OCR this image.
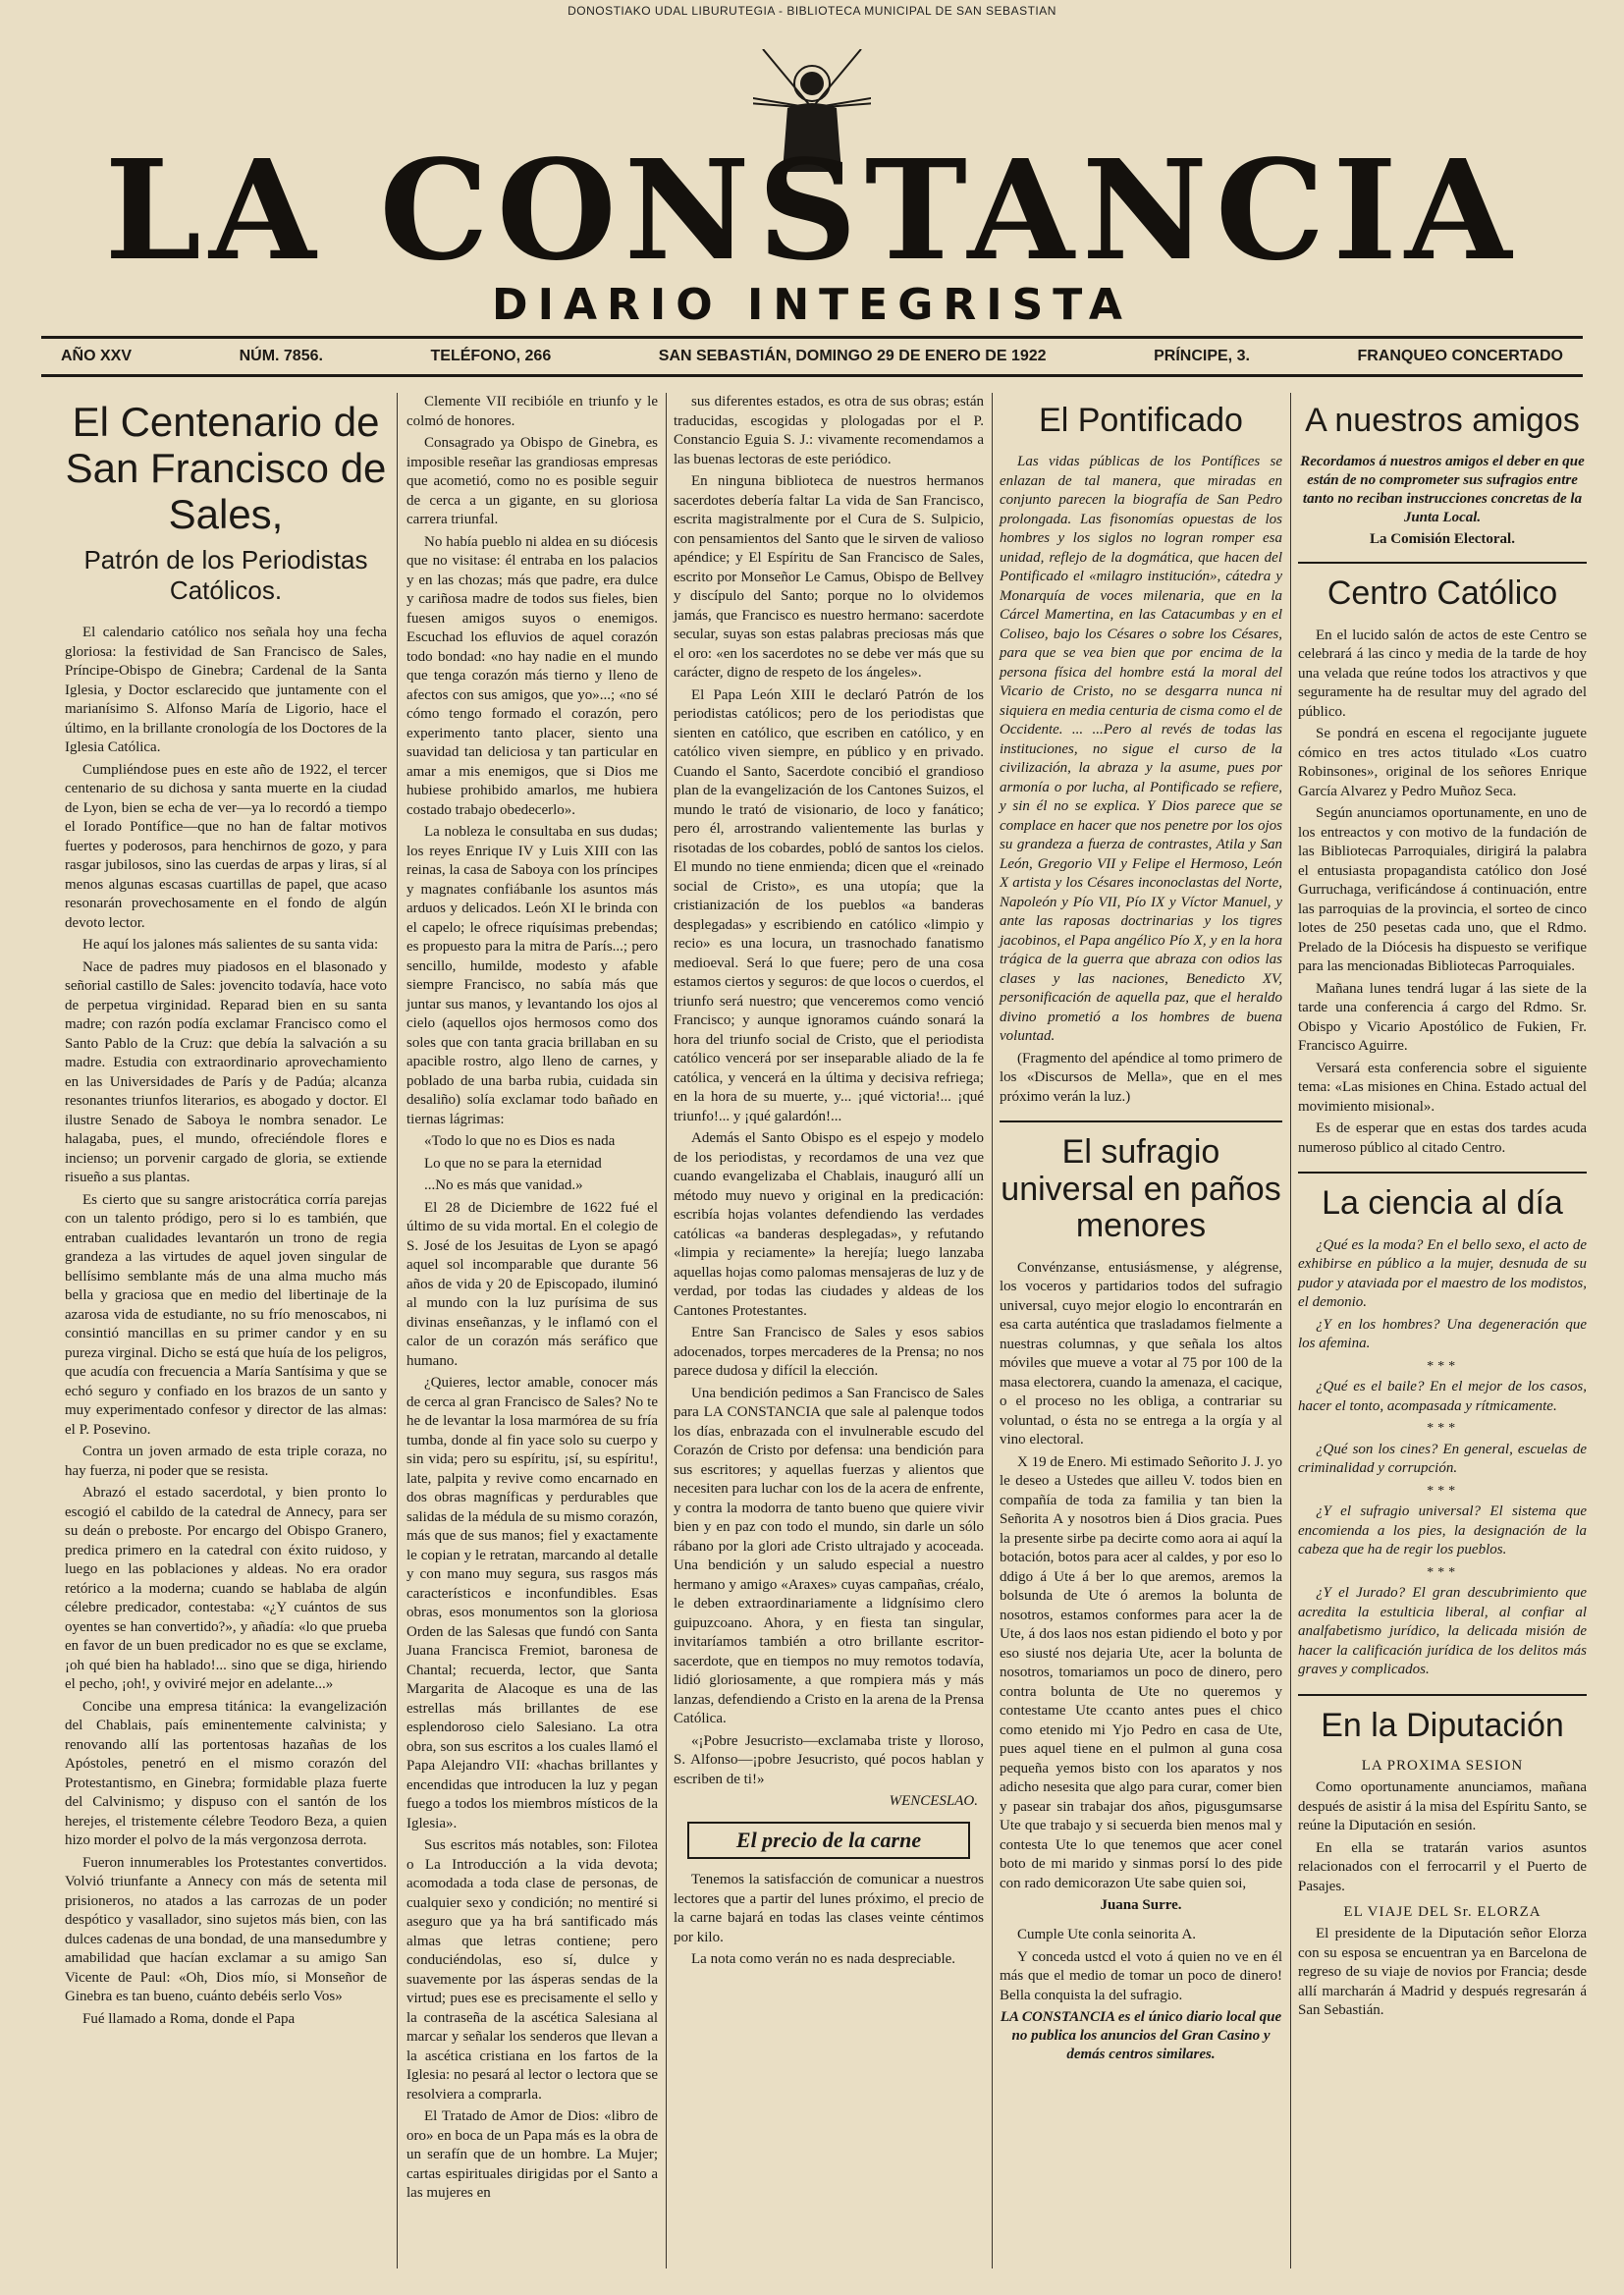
DONOSTIAKO UDAL LIBURUTEGIA - BIBLIOTECA MUNICIPAL DE SAN SEBASTIAN
LA CONSTANCIA
DIARIO INTEGRISTA
AÑO XXV	NÚM. 7856.	TELÉFONO, 266	SAN SEBASTIÁN, DOMINGO 29 DE ENERO DE 1922	PRÍNCIPE, 3.	FRANQUEO CONCERTADO
El Centenario de San Francisco de Sales,
Patrón de los Periodistas Católicos.

El calendario católico nos señala hoy una fecha gloriosa: la festividad de San Francisco de Sales, Príncipe-Obispo de Ginebra; Cardenal de la Santa Iglesia, y Doctor esclarecido que juntamente con el marianísimo S. Alfonso María de Ligorio, hace el último, en la brillante cronología de los Doctores de la Iglesia Católica.

Cumpliéndose pues en este año de 1922, el tercer centenario de su dichosa y santa muerte en la ciudad de Lyon, bien se echa de ver—ya lo recordó a tiempo el Iorado Pontífice—que no han de faltar motivos fuertes y poderosos, para henchirnos de gozo, y para rasgar jubilosos, sino las cuerdas de arpas y liras, sí al menos algunas escasas cuartillas de papel, que acaso resonarán provechosamente en el fondo de algún devoto lector.

He aquí los jalones más salientes de su santa vida:

Nace de padres muy piadosos en el blasonado y señorial castillo de Sales: jovencito todavía, hace voto de perpetua virginidad. Reparad bien en su santa madre; con razón podía exclamar Francisco como el Santo Pablo de la Cruz: que debía la salvación a su madre. Estudia con extraordinario aprovechamiento en las Universidades de París y de Padúa; alcanza resonantes triunfos literarios, es abogado y doctor. El ilustre Senado de Saboya le nombra senador. Le halagaba, pues, el mundo, ofreciéndole flores e incienso; un porvenir cargado de gloria, se extiende risueño a sus plantas.

Es cierto que su sangre aristocrática corría parejas con un talento pródigo, pero si lo es también, que entraban cualidades levantarón un trono de regia grandeza a las virtudes de aquel joven singular de bellísimo semblante más de una alma mucho más bella y graciosa que en medio del libertinaje de la azarosa vida de estudiante, no su frío menoscabos, ni consintió mancillas en su primer candor y en su pureza virginal. Dicho se está que huía de los peligros, que acudía con frecuencia a María Santísima y que se echó seguro y confiado en los brazos de un santo y muy experimentado confesor y director de las almas: el P. Posevino.

Contra un joven armado de esta triple coraza, no hay fuerza, ni poder que se resista.

Abrazó el estado sacerdotal, y bien pronto lo escogió el cabildo de la catedral de Annecy, para ser su deán o preboste. Por encargo del Obispo Granero, predica primero en la catedral con éxito ruidoso, y luego en las poblaciones y aldeas. No era orador retórico a la moderna; cuando se hablaba de algún célebre predicador, contestaba: «¿Y cuántos de sus oyentes se han convertido?», y añadía: «lo que prueba en favor de un buen predicador no es que se exclame, ¡oh qué bien ha hablado!... sino que se diga, hiriendo el pecho, ¡oh!, y oviviré mejor en adelante...»

Concibe una empresa titánica: la evangelización del Chablais, país eminentemente calvinista; y renovando allí las portentosas hazañas de los Apóstoles, penetró en el mismo corazón del Protestantismo, en Ginebra; formidable plaza fuerte del Calvinismo; y dispuso con el santón de los herejes, el tristemente célebre Teodoro Beza, a quien hizo morder el polvo de la más vergonzosa derrota.

Fueron innumerables los Protestantes convertidos. Volvió triunfante a Annecy con más de setenta mil prisioneros, no atados a las carrozas de un poder despótico y vasallador, sino sujetos más bien, con las dulces cadenas de una bondad, de una mansedumbre y amabilidad que hacían exclamar a su amigo San Vicente de Paul: «Oh, Dios mío, si Monseñor de Ginebra es tan bueno, cuánto debéis serlo Vos»

Fué llamado a Roma, donde el Papa

Clemente VII recibióle en triunfo y le colmó de honores.

Consagrado ya Obispo de Ginebra, es imposible reseñar las grandiosas empresas que acometió, como no es posible seguir de cerca a un gigante, en su gloriosa carrera triunfal.

No había pueblo ni aldea en su diócesis que no visitase: él entraba en los palacios y en las chozas; más que padre, era dulce y cariñosa madre de todos sus fieles, bien fuesen amigos suyos o enemigos. Escuchad los efluvios de aquel corazón todo bondad: «no hay nadie en el mundo que tenga corazón más tierno y lleno de afectos con sus amigos, que yo»...; «no sé cómo tengo formado el corazón, pero experimento tanto placer, siento una suavidad tan deliciosa y tan particular en amar a mis enemigos, que si Dios me hubiese prohibido amarlos, me hubiera costado trabajo obedecerlo».

La nobleza le consultaba en sus dudas; los reyes Enrique IV y Luis XIII con las reinas, la casa de Saboya con los príncipes y magnates confiábanle los asuntos más arduos y delicados. León XI le brinda con el capelo; le ofrece riquísimas prebendas; es propuesto para la mitra de París...; pero sencillo, humilde, modesto y afable siempre Francisco, no sabía más que juntar sus manos, y levantando los ojos al cielo (aquellos ojos hermosos como dos soles que con tanta gracia brillaban en su apacible rostro, algo lleno de carnes, y poblado de una barba rubia, cuidada sin desaliño) solía exclamar todo bañado en tiernas lágrimas:

«Todo lo que no es Dios es nada

Lo que no se para la eternidad

...No es más que vanidad.»

El 28 de Diciembre de 1622 fué el último de su vida mortal. En el colegio de S. José de los Jesuitas de Lyon se apagó aquel sol incomparable que durante 56 años de vida y 20 de Episcopado, iluminó al mundo con la luz purísima de sus divinas enseñanzas, y le inflamó con el calor de un corazón más seráfico que humano.

¿Quieres, lector amable, conocer más de cerca al gran Francisco de Sales? No te he de levantar la losa marmórea de su fría tumba, donde al fin yace solo su cuerpo y sin vida; pero su espíritu, ¡sí, su espíritu!, late, palpita y revive como encarnado en dos obras magníficas y perdurables que salidas de la médula de su mismo corazón, más que de sus manos; fiel y exactamente le copian y le retratan, marcando al detalle y con mano muy segura, sus rasgos más característicos e inconfundibles. Esas obras, esos monumentos son la gloriosa Orden de las Salesas que fundó con Santa Juana Francisca Fremiot, baronesa de Chantal; recuerda, lector, que Santa Margarita de Alacoque es una de las estrellas más brillantes de ese esplendoroso cielo Salesiano. La otra obra, son sus escritos a los cuales llamó el Papa Alejandro VII: «hachas brillantes y encendidas que introducen la luz y pegan fuego a todos los miembros místicos de la Iglesia».

Sus escritos más notables, son: Filotea o La Introducción a la vida devota; acomodada a toda clase de personas, de cualquier sexo y condición; no mentiré si aseguro que ya ha brá santificado más almas que letras contiene; pero conduciéndolas, eso sí, dulce y suavemente por las ásperas sendas de la virtud; pues ese es precisamente el sello y la contraseña de la ascética Salesiana al marcar y señalar los senderos que llevan a la ascética cristiana en los fartos de la Iglesia: no pesará al lector o lectora que se resolviera a comprarla.

El Tratado de Amor de Dios: «libro de oro» en boca de un Papa más es la obra de un serafín que de un hombre. La Mujer; cartas espirituales dirigidas por el Santo a las mujeres en

sus diferentes estados, es otra de sus obras; están traducidas, escogidas y plologadas por el P. Constancio Eguia S. J.: vivamente recomendamos a las buenas lectoras de este periódico.

En ninguna biblioteca de nuestros hermanos sacerdotes debería faltar La vida de San Francisco, escrita magistralmente por el Cura de S. Sulpicio, con pensamientos del Santo que le sirven de valioso apéndice; y El Espíritu de San Francisco de Sales, escrito por Monseñor Le Camus, Obispo de Bellvey y discípulo del Santo; porque no lo olvidemos jamás, que Francisco es nuestro hermano: sacerdote secular, suyas son estas palabras preciosas más que el oro: «en los sacerdotes no se debe ver más que su carácter, digno de respeto de los ángeles».

El Papa León XIII le declaró Patrón de los periodistas católicos; pero de los periodistas que sienten en católico, que escriben en católico, y en católico viven siempre, en público y en privado. Cuando el Santo, Sacerdote concibió el grandioso plan de la evangelización de los Cantones Suizos, el mundo le trató de visionario, de loco y fanático; pero él, arrostrando valientemente las burlas y risotadas de los cobardes, pobló de santos los cielos. El mundo no tiene enmienda; dicen que el «reinado social de Cristo», es una utopía; que la cristianización de los pueblos «a banderas desplegadas» y escribiendo en católico «limpio y recio» es una locura, un trasnochado fanatismo medioeval. Será lo que fuere; pero de una cosa estamos ciertos y seguros: de que locos o cuerdos, el triunfo será nuestro; que venceremos como venció Francisco; y aunque ignoramos cuándo sonará la hora del triunfo social de Cristo, que el periodista católico vencerá por ser inseparable aliado de la fe católica, y vencerá en la última y decisiva refriega; en la hora de su muerte, y... ¡qué victoria!... ¡qué triunfo!... y ¡qué galardón!...

Además el Santo Obispo es el espejo y modelo de los periodistas, y recordamos de una vez que cuando evangelizaba el Chablais, inauguró allí un método muy nuevo y original en la predicación: escribía hojas volantes defendiendo las verdades católicas «a banderas desplegadas», y refutando «limpia y reciamente» la herejía; luego lanzaba aquellas hojas como palomas mensajeras de luz y de verdad, por todas las ciudades y aldeas de los Cantones Protestantes.

Entre San Francisco de Sales y esos sabios adocenados, torpes mercaderes de la Prensa; no nos parece dudosa y difícil la elección.

Una bendición pedimos a San Francisco de Sales para LA CONSTANCIA que sale al palenque todos los días, enbrazada con el invulnerable escudo del Corazón de Cristo por defensa: una bendición para sus escritores; y aquellas fuerzas y alientos que necesiten para luchar con los de la acera de enfrente, y contra la modorra de tanto bueno que quiere vivir bien y en paz con todo el mundo, sin darle un sólo rábano por la glori ade Cristo ultrajado y acoceada. Una bendición y un saludo especial a nuestro hermano y amigo «Araxes» cuyas campañas, créalo, le deben extraordinariamente a lidgnísimo clero guipuzcoano. Ahora, y en fiesta tan singular, invitaríamos también a otro brillante escritor-sacerdote, que en tiempos no muy remotos todavía, lidió gloriosamente, a que rompiera más y más lanzas, defendiendo a Cristo en la arena de la Prensa Católica.

«¡Pobre Jesucristo—exclamaba triste y lloroso, S. Alfonso—¡pobre Jesucristo, qué pocos hablan y escriben de ti!»

WENCESLAO.
El precio de la carne

Tenemos la satisfacción de comunicar a nuestros lectores que a partir del lunes próximo, el precio de la carne bajará en todas las clases veinte céntimos por kilo.

La nota como verán no es nada despreciable.

El Pontificado

Las vidas públicas de los Pontífices se enlazan de tal manera, que miradas en conjunto parecen la biografía de San Pedro prolongada. Las fisonomías opuestas de los hombres y los siglos no logran romper esa unidad, reflejo de la dogmática, que hacen del Pontificado el «milagro institución», cátedra y Monarquía de voces milenaria, que en la Cárcel Mamertina, en las Catacumbas y en el Coliseo, bajo los Césares o sobre los Césares, para que se vea bien que por encima de la persona física del hombre está la moral del Vicario de Cristo, no se desgarra nunca ni siquiera en media centuria de cisma como el de Occidente. ... ...Pero al revés de todas las instituciones, no sigue el curso de la civilización, la abraza y la asume, pues por armonía o por lucha, al Pontificado se refiere, y sin él no se explica. Y Dios parece que se complace en hacer que nos penetre por los ojos su grandeza a fuerza de contrastes, Atila y San León, Gregorio VII y Felipe el Hermoso, León X artista y los Césares inconoclastas del Norte, Napoleón y Pío VII, Pío IX y Víctor Manuel, y ante las raposas doctrinarias y los tigres jacobinos, el Papa angélico Pío X, y en la hora trágica de la guerra que abraza con odios las clases y las naciones, Benedicto XV, personificación de aquella paz, que el heraldo divino prometió a los hombres de buena voluntad.

(Fragmento del apéndice al tomo primero de los «Discursos de Mella», que en el mes próximo verán la luz.)

El sufragio universal en paños menores

Convénzanse, entusiásmense, y alégrense, los voceros y partidarios todos del sufragio universal, cuyo mejor elogio lo encontrarán en esa carta auténtica que trasladamos fielmente a nuestras columnas, y que señala los altos móviles que mueve a votar al 75 por 100 de la masa electorera, cuando la amenaza, el cacique, o el proceso no les obliga, a contrariar su voluntad, o ésta no se entrega a la orgía y al vino electoral.

X 19 de Enero. Mi estimado Señorito J. J. yo le deseo a Ustedes que ailleu V. todos bien en compañía de toda za familia y tan bien la Señorita A y nosotros bien á Dios gracia. Pues la presente sirbe pa decirte como aora ai aquí la botación, botos para acer al caldes, y por eso lo ddigo á Ute á ber lo que aremos, aremos la bolsunda de Ute ó aremos la bolunta de nosotros, estamos conformes para acer la de Ute, á dos laos nos estan pidiendo el boto y por eso siusté nos dejaria Ute, acer la bolunta de nosotros, tomariamos un poco de dinero, pero contra bolunta de Ute no queremos y contestame Ute ccanto antes pues el chico como etenido mi Yjo Pedro en casa de Ute, pues aquel tiene en el pulmon al guna cosa pequeña yemos bisto con los aparatos y nos adicho nesesita que algo para curar, comer bien y pasear sin trabajar dos años, pigusgumsarse Ute que trabajo y si secuerda bien menos mal y contesta Ute lo que tenemos que acer conel boto de mi marido y sinmas porsí lo des pide con rado demicorazon Ute sabe quien soi,

Juana Surre.

Cumple Ute conla seinorita A.

Y conceda ustcd el voto á quien no ve en él más que el medio de tomar un poco de dinero! Bella conquista la del sufragio.

LA CONSTANCIA es el único diario local que no publica los anuncios del Gran Casino y demás centros similares.
A nuestros amigos
Recordamos á nuestros amigos el deber en que están de no comprometer sus sufragios entre tanto no reciban instrucciones concretas de la Junta Local.
La Comisión Electoral.
Centro Católico

En el lucido salón de actos de este Centro se celebrará á las cinco y media de la tarde de hoy una velada que reúne todos los atractivos y que seguramente ha de resultar muy del agrado del público.

Se pondrá en escena el regocijante juguete cómico en tres actos titulado «Los cuatro Robinsones», original de los señores Enrique García Alvarez y Pedro Muñoz Seca.

Según anunciamos oportunamente, en uno de los entreactos y con motivo de la fundación de las Bibliotecas Parroquiales, dirigirá la palabra el entusiasta propagandista católico don José Gurruchaga, verificándose á continuación, entre las parroquias de la provincia, el sorteo de cinco lotes de 250 pesetas cada uno, que el Rdmo. Prelado de la Diócesis ha dispuesto se verifique para las mencionadas Bibliotecas Parroquiales.

Mañana lunes tendrá lugar á las siete de la tarde una conferencia á cargo del Rdmo. Sr. Obispo y Vicario Apostólico de Fukien, Fr. Francisco Aguirre.

Versará esta conferencia sobre el siguiente tema: «Las misiones en China. Estado actual del movimiento misional».

Es de esperar que en estas dos tardes acuda numeroso público al citado Centro.

La ciencia al día

¿Qué es la moda? En el bello sexo, el acto de exhibirse en público a la mujer, desnuda de su pudor y ataviada por el maestro de los modistos, el demonio.

¿Y en los hombres? Una degeneración que los afemina.

***

¿Qué es el baile? En el mejor de los casos, hacer el tonto, acompasada y rítmicamente.

***

¿Qué son los cines? En general, escuelas de criminalidad y corrupción.

***

¿Y el sufragio universal? El sistema que encomienda a los pies, la designación de la cabeza que ha de regir los pueblos.

***

¿Y el Jurado? El gran descubrimiento que acredita la estulticia liberal, al confiar al analfabetismo jurídico, la delicada misión de hacer la calificación jurídica de los delitos más graves y complicados.

En la Diputación
LA PROXIMA SESION

Como oportunamente anunciamos, mañana después de asistir á la misa del Espíritu Santo, se reúne la Diputación en sesión.

En ella se tratarán varios asuntos relacionados con el ferrocarril y el Puerto de Pasajes.

EL VIAJE DEL Sr. ELORZA

El presidente de la Diputación señor Elorza con su esposa se encuentran ya en Barcelona de regreso de su viaje de novios por Francia; desde allí marcharán á Madrid y después regresarán á San Sebastián.
